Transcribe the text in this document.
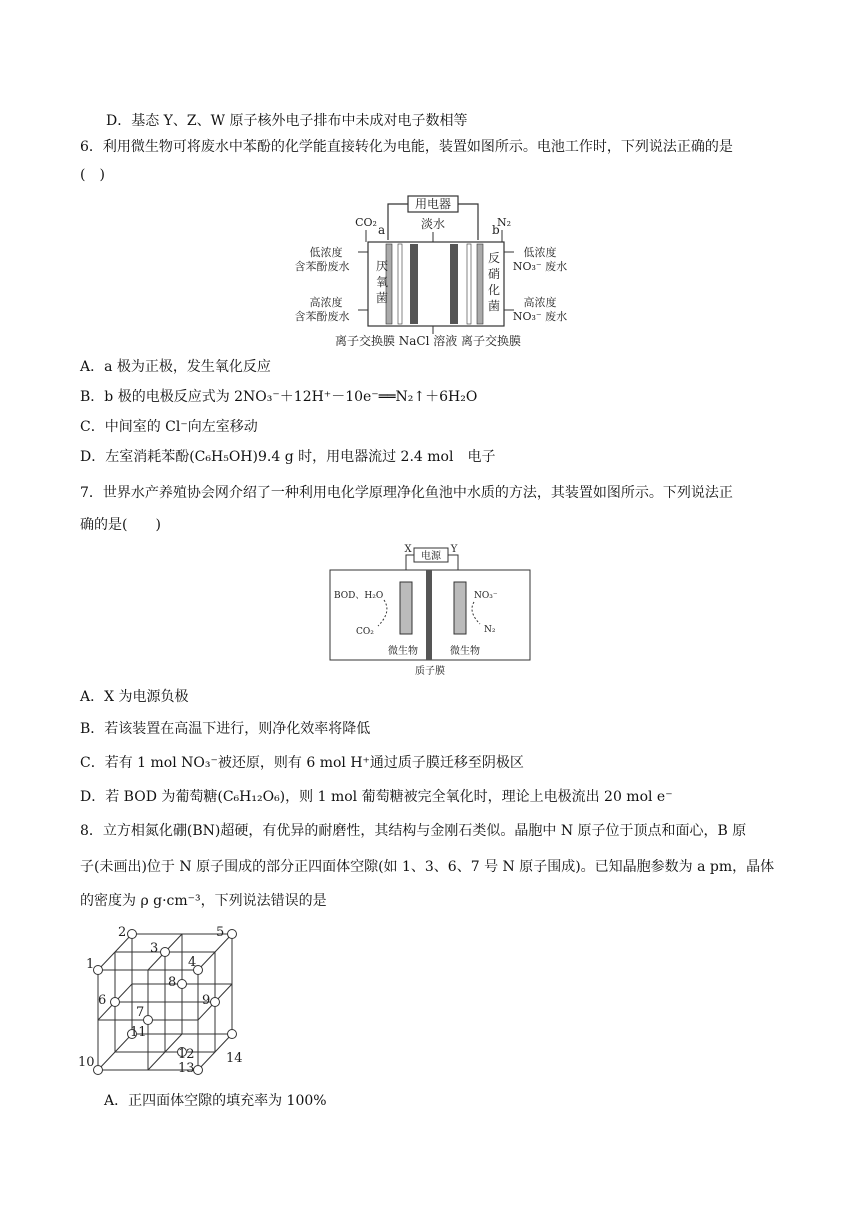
D．基态 Y、Z、W 原子核外电子排布中未成对电子数相等
6．利用微生物可将废水中苯酚的化学能直接转化为电能，装置如图所示。电池工作时，下列说法正确的是
(　)
用电器
a	b
淡水
CO₂	N₂
厌
氧
菌
反
硝
化
菌
低浓度
含苯酚废水
高浓度
含苯酚废水
低浓度
NO₃⁻ 废水
高浓度
NO₃⁻ 废水
离子交换膜 NaCl 溶液 离子交换膜
A．a 极为正极，发生氧化反应
B．b 极的电极反应式为 2NO₃⁻＋12H⁺－10e⁻══N₂↑＋6H₂O
C．中间室的 Cl⁻向左室移动
D．左室消耗苯酚(C₆H₅OH)9.4 g 时，用电器流过 2.4 mol　电子
7．世界水产养殖协会网介绍了一种利用电化学原理净化鱼池中水质的方法，其装置如图所示。下列说法正
确的是(　　)
X	Y
电源
BOD、H₂O
CO₂
NO₃⁻
N₂
微生物	微生物
质子膜
A．X 为电源负极
B．若该装置在高温下进行，则净化效率将降低
C．若有 1 mol NO₃⁻被还原，则有 6 mol H⁺通过质子膜迁移至阴极区
D．若 BOD 为葡萄糖(C₆H₁₂O₆)，则 1 mol 葡萄糖被完全氧化时，理论上电极流出 20 mol e⁻
8．立方相氮化硼(BN)超硬，有优异的耐磨性，其结构与金刚石类似。晶胞中 N 原子位于顶点和面心，B 原
子(未画出)位于 N 原子围成的部分正四面体空隙(如 1、3、6、7 号 N 原子围成)。已知晶胞参数为 a pm，晶体
的密度为 ρ g·cm⁻³，下列说法错误的是
1
2
3
4
5
6
7
8
9
10
11
12
13
14
A．正四面体空隙的填充率为 100%
